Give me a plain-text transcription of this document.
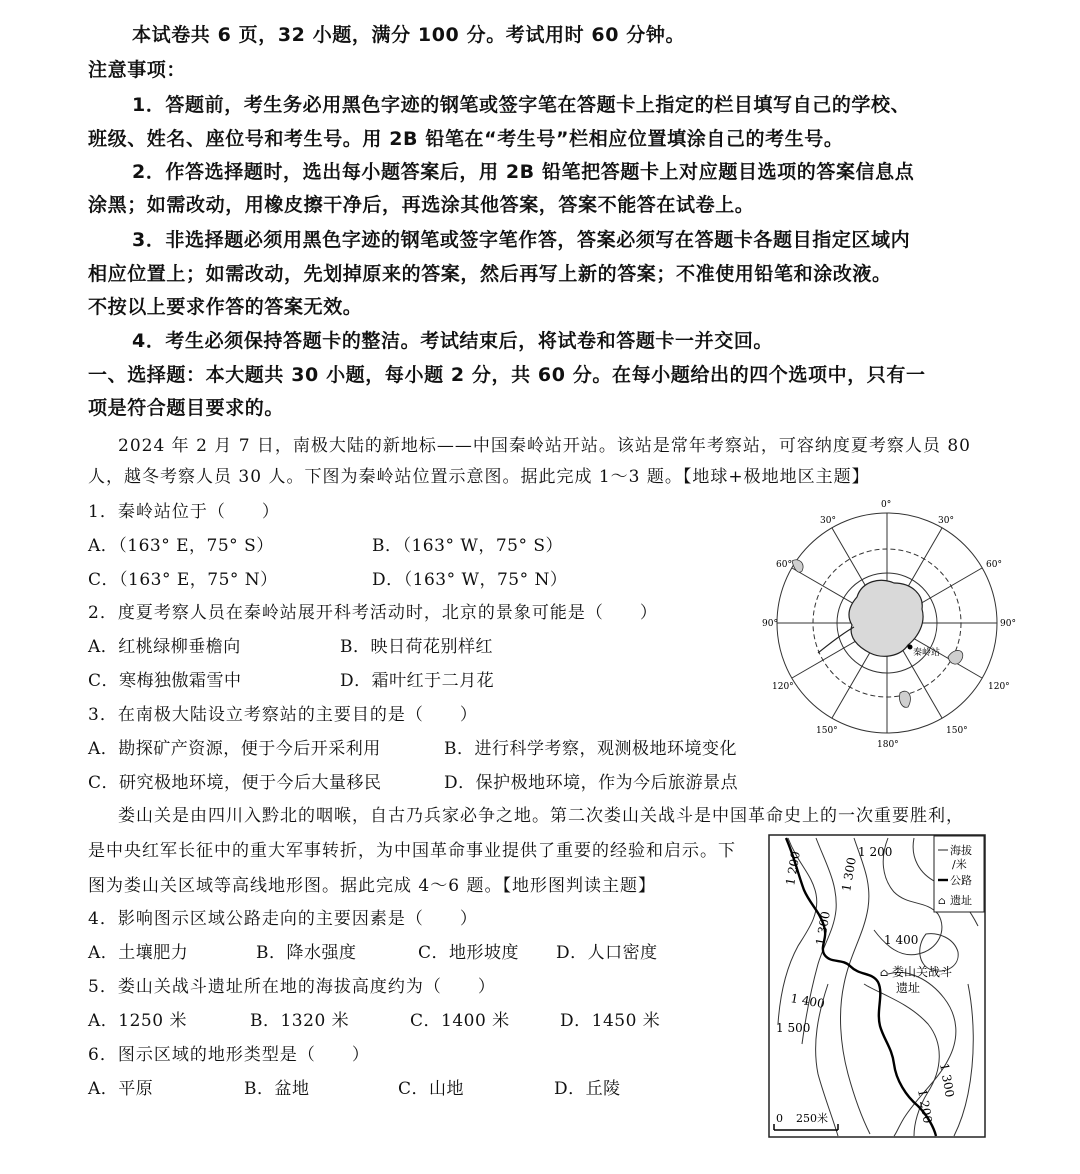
本试卷共 6 页，32 小题，满分 100 分。考试用时 60 分钟。
注意事项：
1．答题前，考生务必用黑色字迹的钢笔或签字笔在答题卡上指定的栏目填写自己的学校、
班级、姓名、座位号和考生号。用 2B 铅笔在“考生号”栏相应位置填涂自己的考生号。
2．作答选择题时，选出每小题答案后，用 2B 铅笔把答题卡上对应题目选项的答案信息点
涂黑；如需改动，用橡皮擦干净后，再选涂其他答案，答案不能答在试卷上。
3．非选择题必须用黑色字迹的钢笔或签字笔作答，答案必须写在答题卡各题目指定区域内
相应位置上；如需改动，先划掉原来的答案，然后再写上新的答案；不准使用铅笔和涂改液。
不按以上要求作答的答案无效。
4．考生必须保持答题卡的整洁。考试结束后，将试卷和答题卡一并交回。
一、选择题：本大题共 30 小题，每小题 2 分，共 60 分。在每小题给出的四个选项中，只有一
项是符合题目要求的。
2024 年 2 月 7 日，南极大陆的新地标——中国秦岭站开站。该站是常年考察站，可容纳度夏考察人员 80
人，越冬考察人员 30 人。下图为秦岭站位置示意图。据此完成 1～3 题。【地球+极地地区主题】
1．秦岭站位于（　　）
A．（163° E，75° S）	B．（163° W，75° S）
C．（163° E，75° N）	D．（163° W，75° N）
2．度夏考察人员在秦岭站展开科考活动时，北京的景象可能是（　　）
A．红桃绿柳垂檐向	B．映日荷花别样红
C．寒梅独傲霜雪中	D．霜叶红于二月花
3．在南极大陆设立考察站的主要目的是（　　）
A．勘探矿产资源，便于今后开采利用	B．进行科学考察，观测极地环境变化
C．研究极地环境，便于今后大量移民	D．保护极地环境，作为今后旅游景点
0°
30°	30°
60°	60°
90°	90°
120°	120°
150°	150°
180°
秦岭站
娄山关是由四川入黔北的咽喉，自古乃兵家必争之地。第二次娄山关战斗是中国革命史上的一次重要胜利，
是中央红军长征中的重大军事转折，为中国革命事业提供了重要的经验和启示。下
图为娄山关区域等高线地形图。据此完成 4～6 题。【地形图判读主题】
4．影响图示区域公路走向的主要因素是（　　）
A．土壤肥力	B．降水强度	C．地形坡度 D．人口密度
5．娄山关战斗遗址所在地的海拔高度约为（　　）
A．1250 米	B．1320 米	C．1400 米	D．1450 米
6．图示区域的地形类型是（　　）
A．平原	B．盆地	C．山地	D．丘陵
海拔
/米
公路
⌂ 遗址
1 200
1 200	1 300
1 300	1 400
1 400
1 500
1 300
1 200
⌂ 娄山关战斗
遗址
0 250米
